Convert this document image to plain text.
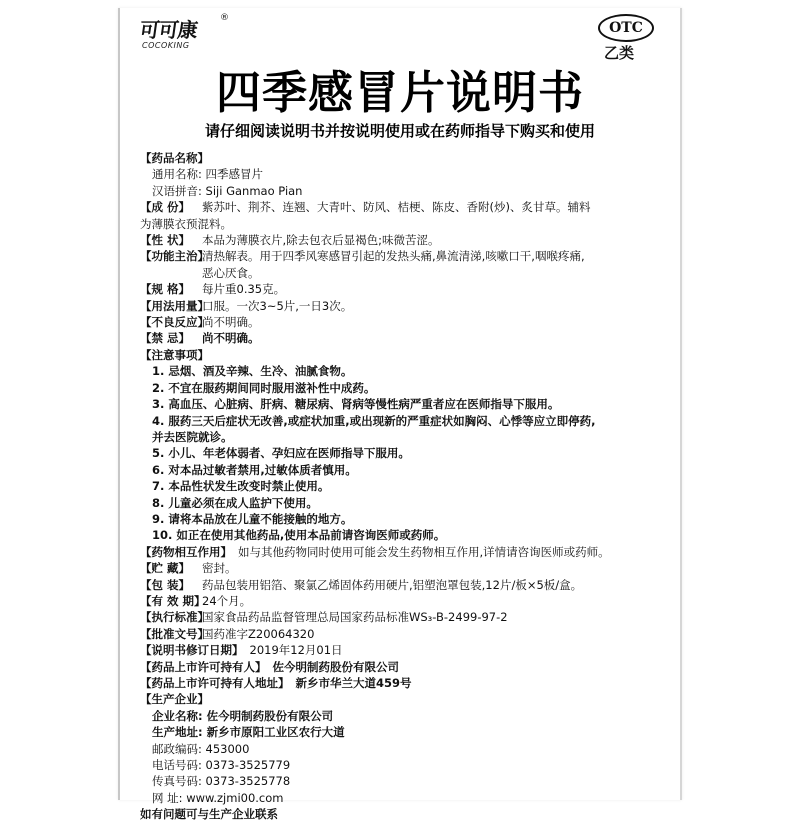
可可康 ®
COCOKING
OTC
乙类
四季感冒片说明书
请仔细阅读说明书并按说明使用或在药师指导下购买和使用
【药品名称】
通用名称: 四季感冒片
汉语拼音: Siji Ganmao Pian
【成 份】 紫苏叶、荆芥、连翘、大青叶、防风、桔梗、陈皮、香附(炒)、炙甘草。辅料
为薄膜衣预混料。
【性 状】 本品为薄膜衣片,除去包衣后显褐色;味微苦涩。
【功能主治】清热解表。用于四季风寒感冒引起的发热头痛,鼻流清涕,咳嗽口干,咽喉疼痛,
恶心厌食。
【规 格】 每片重0.35克。
【用法用量】口服。一次3~5片,一日3次。
【不良反应】尚不明确。
【禁 忌】 尚不明确。
【注意事项】
1. 忌烟、酒及辛辣、生冷、油腻食物。
2. 不宜在服药期间同时服用滋补性中成药。
3. 高血压、心脏病、肝病、糖尿病、肾病等慢性病严重者应在医师指导下服用。
4. 服药三天后症状无改善,或症状加重,或出现新的严重症状如胸闷、心悸等应立即停药,
并去医院就诊。
5. 小儿、年老体弱者、孕妇应在医师指导下服用。
6. 对本品过敏者禁用,过敏体质者慎用。
7. 本品性状发生改变时禁止使用。
8. 儿童必须在成人监护下使用。
9. 请将本品放在儿童不能接触的地方。
10. 如正在使用其他药品,使用本品前请咨询医师或药师。
【药物相互作用】 如与其他药物同时使用可能会发生药物相互作用,详情请咨询医师或药师。
【贮 藏】 密封。
【包 装】 药品包装用铝箔、聚氯乙烯固体药用硬片,铝塑泡罩包装,12片/板×5板/盒。
【有 效 期】24个月。
【执行标准】国家食品药品监督管理总局国家药品标准WS₃-B-2499-97-2
【批准文号】国药准字Z20064320
【说明书修订日期】 2019年12月01日
【药品上市许可持有人】 佐今明制药股份有限公司
【药品上市许可持有人地址】 新乡市华兰大道459号
【生产企业】
企业名称: 佐今明制药股份有限公司
生产地址: 新乡市原阳工业区农行大道
邮政编码: 453000
电话号码: 0373-3525779
传真号码: 0373-3525778
网 址: www.zjmi00.com
如有问题可与生产企业联系
